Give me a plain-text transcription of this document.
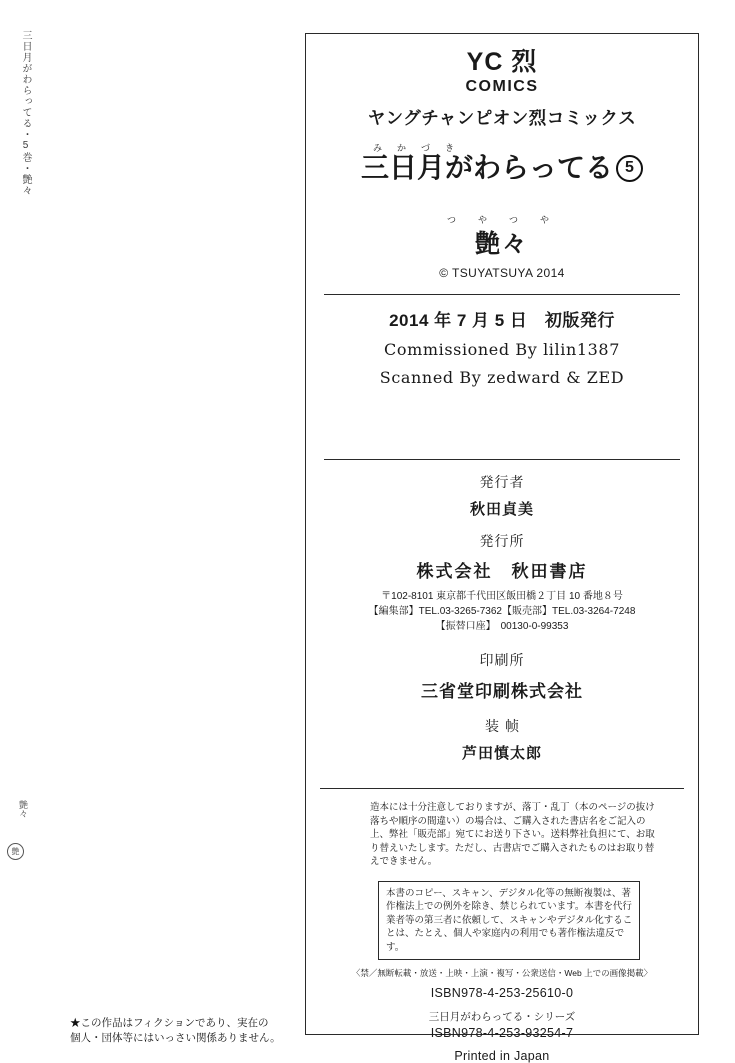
三日月がわらってる・5巻・艶々
艶々
艶
★この作品はフィクションであり、実在の
個人・団体等にはいっさい関係ありません。
YC 烈
COMICS
ヤングチャンピオン烈コミックス
みかづき
三日月がわらってる 5
つやつや
艶々
© TSUYATSUYA 2014
2014 年 7 月 5 日　初版発行
Commissioned By lilin1387
Scanned By zedward & ZED
発行者
秋田貞美
発行所
株式会社　秋田書店
〒102-8101 東京都千代田区飯田橋２丁目 10 番地８号
【編集部】TEL.03-3265-7362【販売部】TEL.03-3264-7248
【振替口座】　00130-0-99353
印刷所
三省堂印刷株式会社
装帧
芦田慎太郎
造本には十分注意しておりますが、落丁・乱丁（本のページの抜け落ちや順序の間違い）の場合は、ご購入された書店名をご記入の上、弊社「販売部」宛てにお送り下さい。送料弊社負担にて、お取り替えいたします。ただし、古書店でご購入されたものはお取り替えできません。
本書のコピー、スキャン、デジタル化等の無断複製は、著作権法上での例外を除き、禁じられています。本書を代行業者等の第三者に依頼して、スキャンやデジタル化することは、たとえ、個人や家庭内の利用でも著作権法違反です。
〈禁／無断転載・放送・上映・上演・複写・公衆送信・Web 上での画像掲載〉
ISBN978-4-253-25610-0
三日月がわらってる・シリーズ
ISBN978-4-253-93254-7
Printed in Japan
